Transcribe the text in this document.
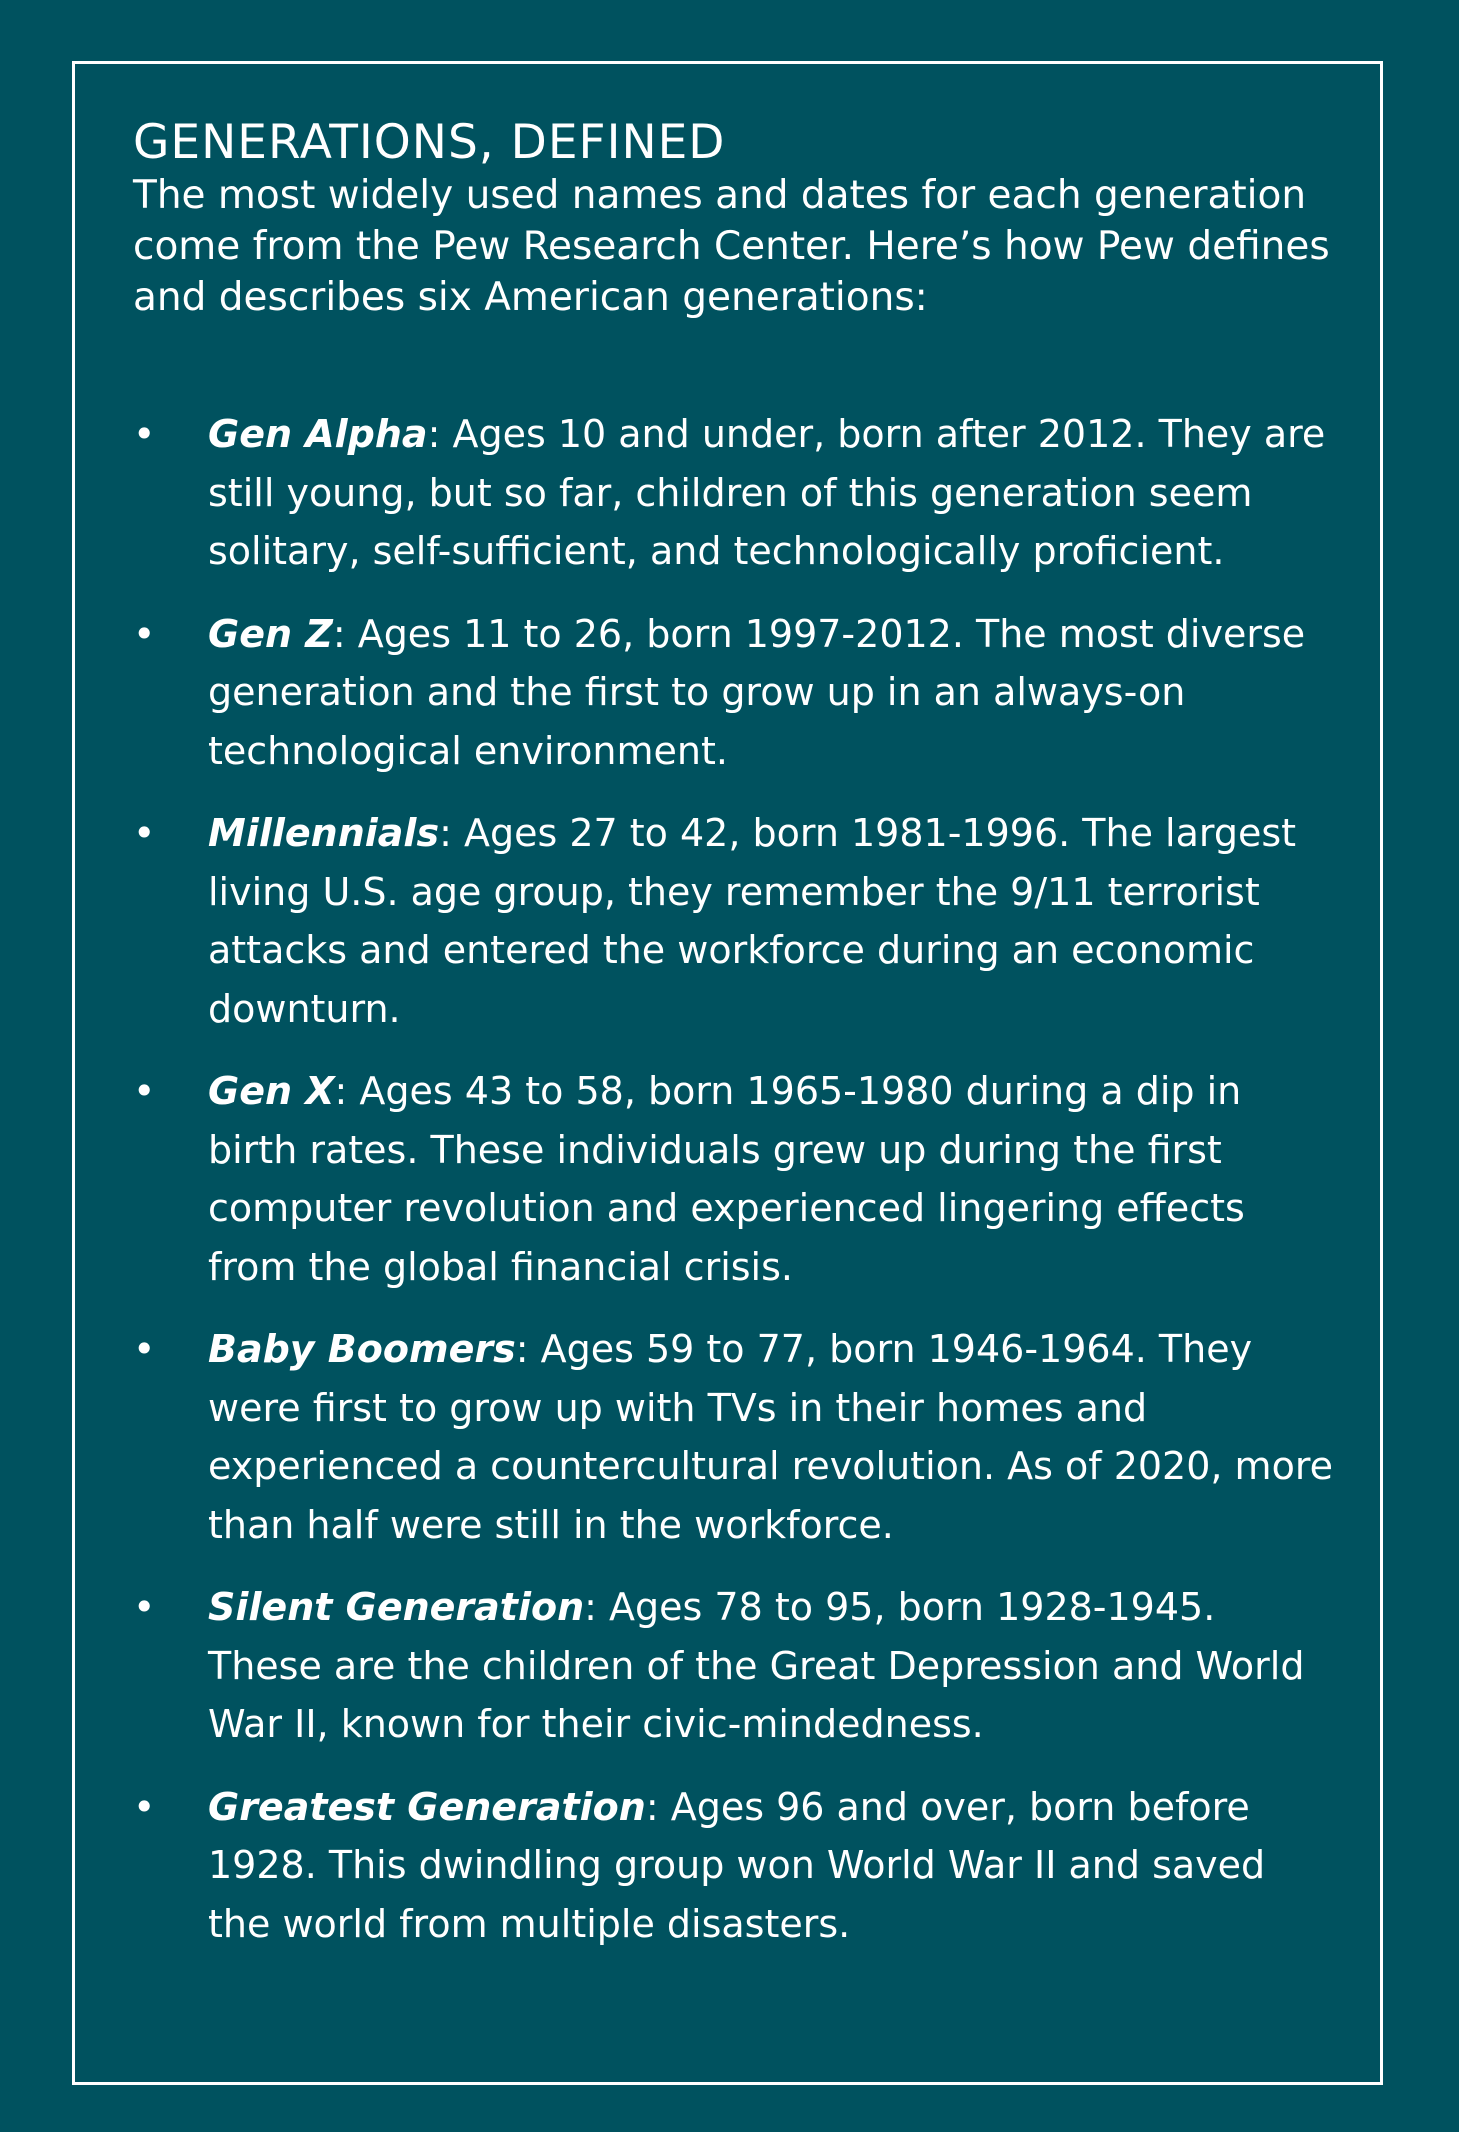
GENERATIONS, DEFINED

The most widely used names and dates for each generation come from the Pew Research Center. Here’s how Pew defines and describes six American generations:

• Gen Alpha: Ages 10 and under, born after 2012. They are still young, but so far, children of this generation seem solitary, self-sufficient, and technologically proficient.
• Gen Z: Ages 11 to 26, born 1997-2012. The most diverse generation and the first to grow up in an always-on technological environment.
• Millennials: Ages 27 to 42, born 1981-1996. The largest living U.S. age group, they remember the 9/11 terrorist attacks and entered the workforce during an economic downturn.
• Gen X: Ages 43 to 58, born 1965-1980 during a dip in birth rates. These individuals grew up during the first computer revolution and experienced lingering effects from the global financial crisis.
• Baby Boomers: Ages 59 to 77, born 1946-1964. They were first to grow up with TVs in their homes and experienced a countercultural revolution. As of 2020, more than half were still in the workforce.
• Silent Generation: Ages 78 to 95, born 1928-1945. These are the children of the Great Depression and World War II, known for their civic-mindedness.
• Greatest Generation: Ages 96 and over, born before 1928. This dwindling group won World War II and saved the world from multiple disasters.
